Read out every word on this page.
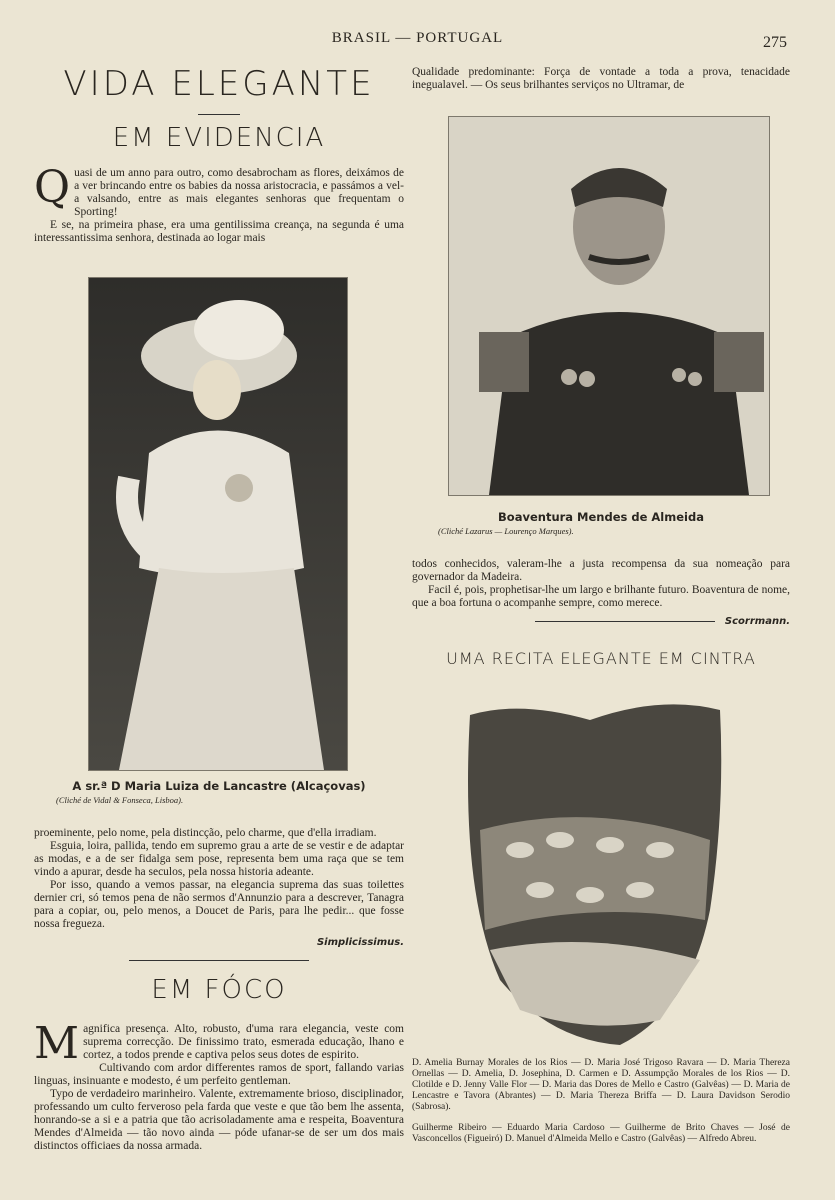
BRASIL — PORTUGAL	275
VIDA ELEGANTE
EM EVIDENCIA

Quasi de um anno para outro, como desabrocham as flores, deixámos de a ver brincando entre os babies da nossa aristocracia, e passámos a vel-a valsando, entre as mais elegantes senhoras que frequentam o Sporting!

E se, na primeira phase, era uma gentilissima creança, na segunda é uma interessantissima senhora, destinada ao logar mais

A sr.ª D Maria Luiza de Lancastre (Alcaçovas)

(Cliché de Vidal & Fonseca, Lisboa).

proeminente, pelo nome, pela distincção, pelo charme, que d'ella irradiam.

Esguia, loira, pallida, tendo em supremo grau a arte de se vestir e de adaptar as modas, e a de ser fidalga sem pose, representa bem uma raça que se tem vindo a apurar, desde ha seculos, pela nossa historia adeante.

Por isso, quando a vemos passar, na elegancia suprema das suas toilettes dernier cri, só temos pena de não sermos d'Annunzio para a descrever, Tanagra para a copiar, ou, pelo menos, a Doucet de Paris, para lhe pedir... que fosse nossa fregueza.

Simplicissimus.

EM FÓCO

Magnifica presença. Alto, robusto, d'uma rara elegancia, veste com suprema correcção. De finissimo trato, esmerada educação, lhano e cortez, a todos prende e captiva pelos seus dotes de espirito.

Cultivando com ardor differentes ramos de sport, fallando varias linguas, insinuante e modesto, é um perfeito gentleman.

Typo de verdadeiro marinheiro. Valente, extremamente brioso, disciplinador, professando um culto ferveroso pela farda que veste e que tão bem lhe assenta, honrando-se a si e a patria que tão acrisoladamente ama e respeita, Boaventura Mendes d'Almeida — tão novo ainda — póde ufanar-se de ser um dos mais distinctos officiaes da nossa armada.

Qualidade predominante: Força de vontade a toda a prova, tenacidade inegualavel. — Os seus brilhantes serviços no Ultramar, de

Boaventura Mendes de Almeida

(Cliché Lazarus — Lourenço Marques).

todos conhecidos, valeram-lhe a justa recompensa da sua nomeação para governador da Madeira.

Facil é, pois, prophetisar-lhe um largo e brilhante futuro. Boaventura de nome, que a boa fortuna o acompanhe sempre, como merece.

Scorrmann.
UMA RECITA ELEGANTE EM CINTRA

D. Amelia Burnay Morales de los Rios — D. Maria José Trigoso Ravara — D. Maria Thereza Ornellas — D. Amelia, D. Josephina, D. Carmen e D. Assumpção Morales de los Rios — D. Clotilde e D. Jenny Valle Flor — D. Maria das Dores de Mello e Castro (Galvêas) — D. Maria de Lencastre e Tavora (Abrantes) — D. Maria Thereza Briffa — D. Laura Davidson Serodio (Sabrosa).

Guilherme Ribeiro — Eduardo Maria Cardoso — Guilherme de Brito Chaves — José de Vasconcellos (Figueiró) D. Manuel d'Almeida Mello e Castro (Galvêas) — Alfredo Abreu.
